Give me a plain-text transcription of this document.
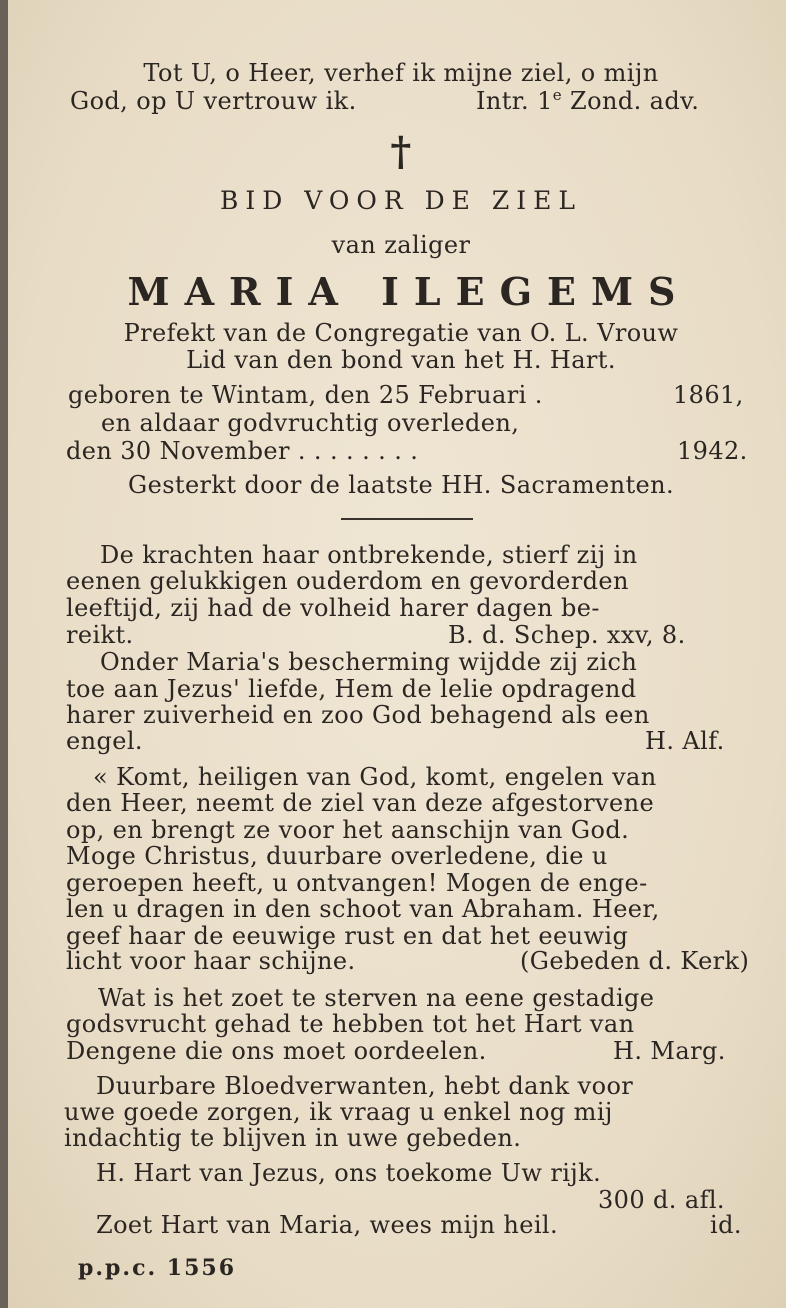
Tot U, o Heer, verhef ik mijne ziel, o mijn
God, op U vertrouw ik.	Intr. 1e Zond. adv.
†
BID VOOR DE ZIEL
van zaliger
MARIA ILEGEMS
Prefekt van de Congregatie van O. L. Vrouw
Lid van den bond van het H. Hart.
geboren te Wintam, den 25 Februari .	1861,
en aldaar godvruchtig overleden,
den 30 November . . . . . . . .	1942.
Gesterkt door de laatste HH. Sacramenten.
De krachten haar ontbrekende, stierf zij in
eenen gelukkigen ouderdom en gevorderden
leeftijd, zij had de volheid harer dagen be-
reikt.	B. d. Schep. xxv, 8.
Onder Maria's bescherming wijdde zij zich
toe aan Jezus' liefde, Hem de lelie opdragend
harer zuiverheid en zoo God behagend als een
engel.	H. Alf.
« Komt, heiligen van God, komt, engelen van
den Heer, neemt de ziel van deze afgestorvene
op, en brengt ze voor het aanschijn van God.
Moge Christus, duurbare overledene, die u
geroepen heeft, u ontvangen! Mogen de enge-
len u dragen in den schoot van Abraham. Heer,
geef haar de eeuwige rust en dat het eeuwig
licht voor haar schijne.	(Gebeden d. Kerk)
Wat is het zoet te sterven na eene gestadige
godsvrucht gehad te hebben tot het Hart van
Dengene die ons moet oordeelen.	H. Marg.
Duurbare Bloedverwanten, hebt dank voor
uwe goede zorgen, ik vraag u enkel nog mij
indachtig te blijven in uwe gebeden.
H. Hart van Jezus, ons toekome Uw rijk.
300 d. afl.
Zoet Hart van Maria, wees mijn heil.	id.
p.p.c. 1556
